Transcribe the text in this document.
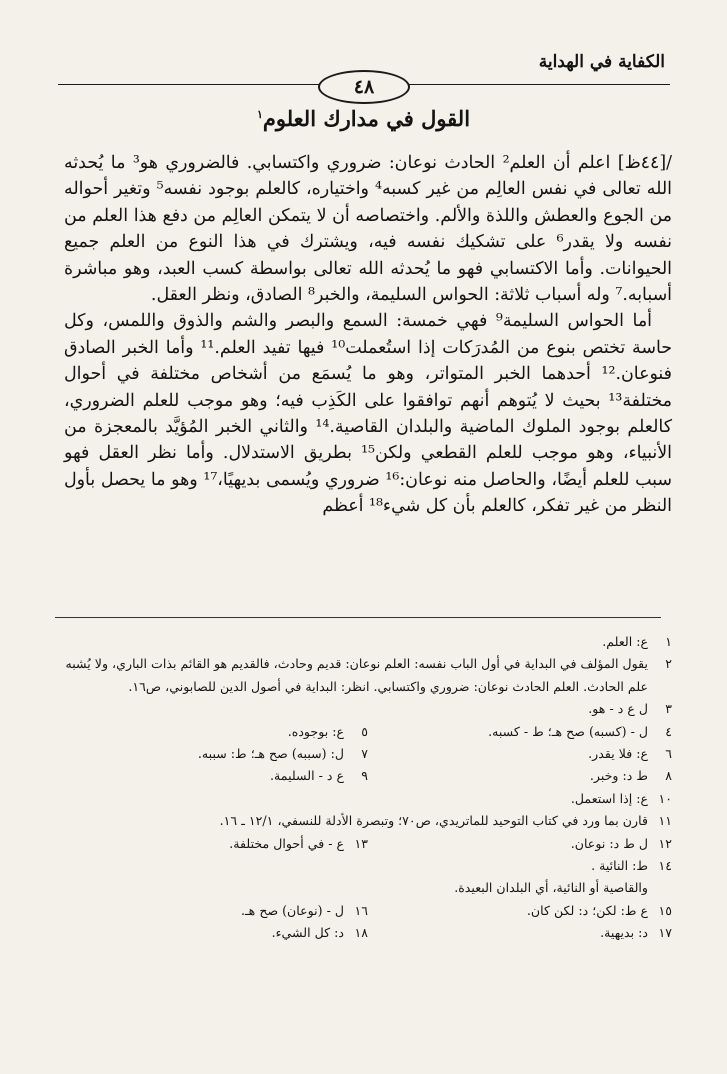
الكفاية في الهداية
٤٨
القول في مدارك العلوم$^١$

/[٤٤ظ] اعلم أن العلم² الحادث نوعان: ضروري واكتسابي. فالضروري هو³ ما يُحدثه الله تعالى في نفس العالِم من غير كسبه⁴ واختياره، كالعلم بوجود نفسه⁵ وتغير أحواله من الجوع والعطش واللذة والألم. واختصاصه أن لا يتمكن العالِم من دفع هذا العلم من نفسه ولا يقدر⁶ على تشكيك نفسه فيه، ويشترك في هذا النوع من العلم جميع الحيوانات. وأما الاكتسابي فهو ما يُحدثه الله تعالى بواسطة كسب العبد، وهو مباشرة أسبابه.⁷ وله أسباب ثلاثة: الحواس السليمة، والخبر⁸ الصادق، ونظر العقل.

أما الحواس السليمة⁹ فهي خمسة: السمع والبصر والشم والذوق واللمس، وكل حاسة تختص بنوع من المُدرَكات إذا استُعملت¹⁰ فيها تفيد العلم.¹¹ وأما الخبر الصادق فنوعان.¹² أحدهما الخبر المتواتر، وهو ما يُسمَع من أشخاص مختلفة في أحوال مختلفة¹³ بحيث لا يُتوهم أنهم توافقوا على الكَذِب فيه؛ وهو موجب للعلم الضروري، كالعلم بوجود الملوك الماضية والبلدان القاصية.¹⁴ والثاني الخبر المُؤيَّد بالمعجزة من الأنبياء، وهو موجب للعلم القطعي ولكن¹⁵ بطريق الاستدلال. وأما نظر العقل فهو سبب للعلم أيضًا، والحاصل منه نوعان:¹⁶ ضروري ويُسمى بديهيًا،¹⁷ وهو ما يحصل بأول النظر من غير تفكر، كالعلم بأن كل شيء¹⁸ أعظم

١
ع: العلم.
٢
يقول المؤلف في البداية في أول الباب نفسه: العلم نوعان: قديم وحادث، فالقديم هو القائم بذات الباري، ولا يُشبه علم الحادث. العلم الحادث نوعان: ضروري واكتسابي. انظر: البداية في أصول الدين للصابوني، ص١٦.
٣
ل ع د - هو.
٤
ل - (كسبه) صح هـ؛ ط - كسبه.
٥
ع: بوجوده.
٦
ع: فلا يقدر.
٧
ل: (سببه) صح هـ؛ ط: سببه.
٨
ط د: وخبر.
٩
ع د - السليمة.
١٠
ع: إذا استعمل.
١١
قارن بما ورد في كتاب التوحيد للماتريدي، ص٧٠؛ وتبصرة الأدلة للنسفي، ١٢/١ ـ ١٦.
١٢
ل ط د: نوعان.
١٣
ع - في أحوال مختلفة.
١٤
ط: النائية .
والقاصية أو النائية، أي البلدان البعيدة.
١٥
ع ط: لكن؛ د: لكن كان.
١٦
ل - (نوعان) صح هـ.
١٧
د: بديهية.
١٨
د: كل الشيء.
